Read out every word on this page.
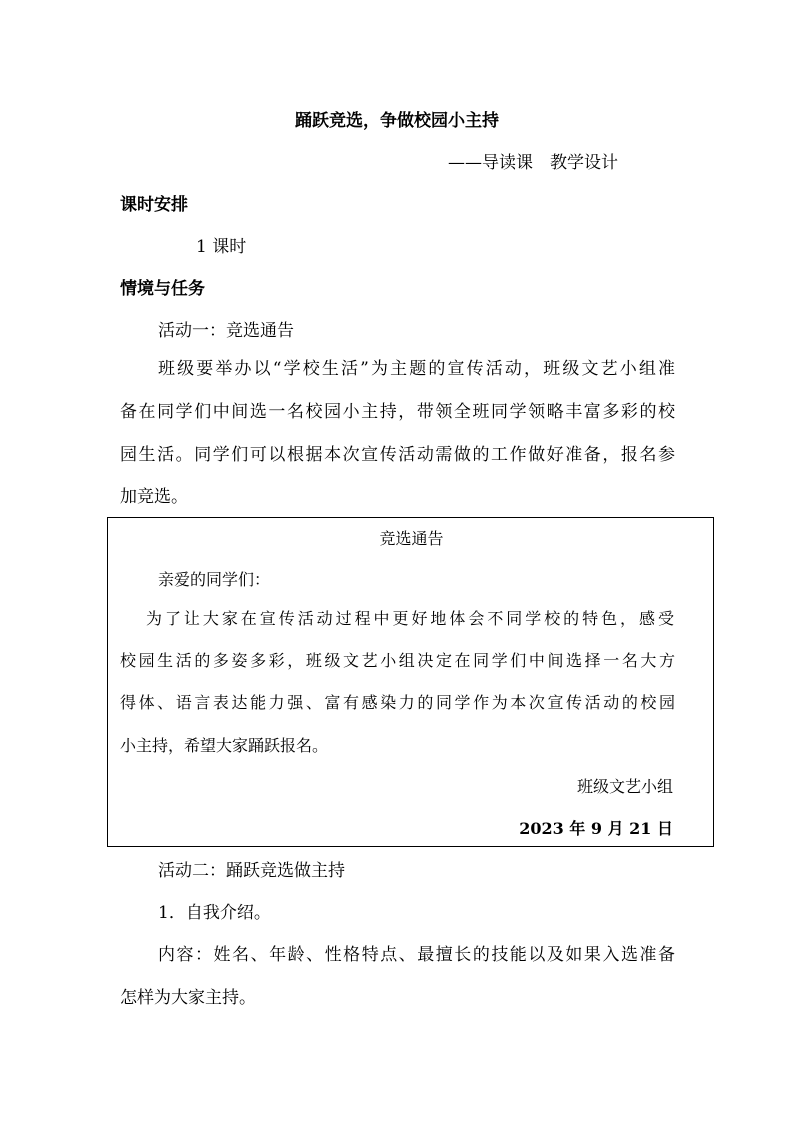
踊跃竞选，争做校园小主持
——导读课　教学设计
课时安排
1 课时
情境与任务
活动一：竞选通告
班级要举办以“学校生活”为主题的宣传活动，班级文艺小组准
备在同学们中间选一名校园小主持，带领全班同学领略丰富多彩的校
园生活。同学们可以根据本次宣传活动需做的工作做好准备，报名参
加竞选。
竞选通告
亲爱的同学们：
为了让大家在宣传活动过程中更好地体会不同学校的特色，感受
校园生活的多姿多彩，班级文艺小组决定在同学们中间选择一名大方
得体、语言表达能力强、富有感染力的同学作为本次宣传活动的校园
小主持，希望大家踊跃报名。
班级文艺小组
2023 年 9 月 21 日
活动二：踊跃竞选做主持
1．自我介绍。
内容：姓名、年龄、性格特点、最擅长的技能以及如果入选准备
怎样为大家主持。
